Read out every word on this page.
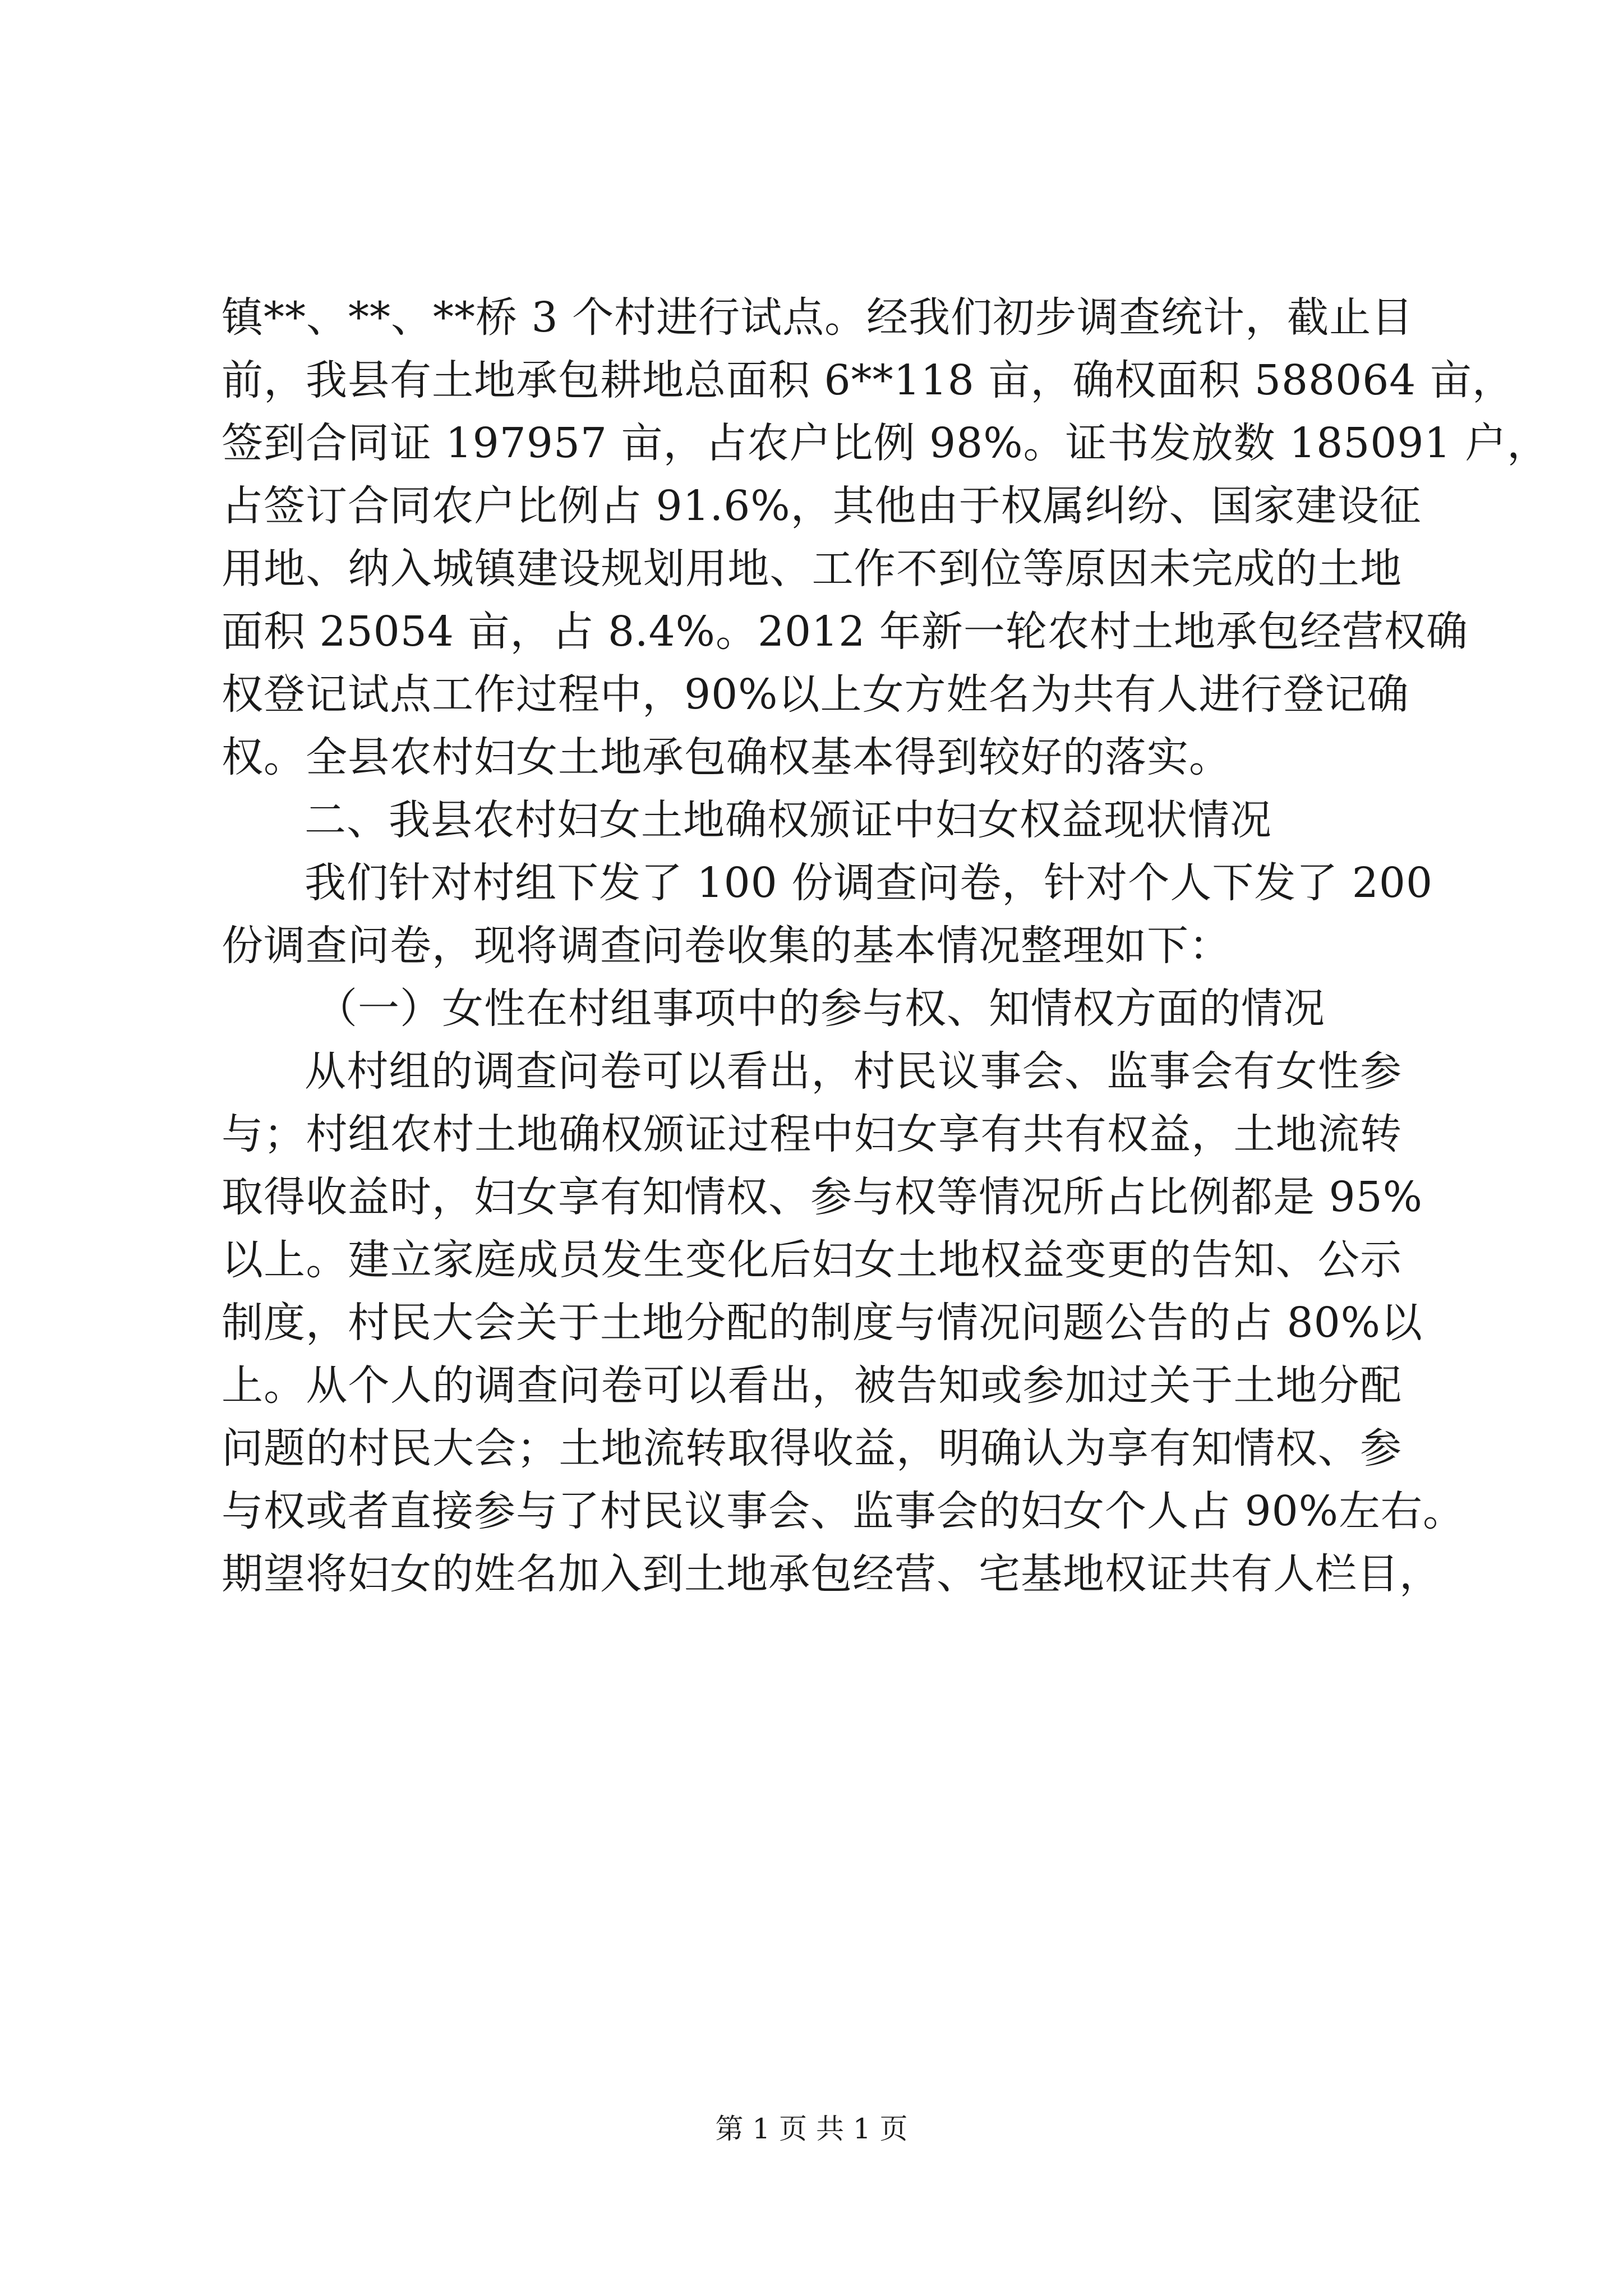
镇**、**、**桥 3 个村进行试点。经我们初步调查统计，截止目
前，我县有土地承包耕地总面积 6**118 亩，确权面积 588064 亩，
签到合同证 197957 亩，占农户比例 98%。证书发放数 185091 户，
占签订合同农户比例占 91.6%，其他由于权属纠纷、国家建设征
用地、纳入城镇建设规划用地、工作不到位等原因未完成的土地
面积 25054 亩，占 8.4%。2012 年新一轮农村土地承包经营权确
权登记试点工作过程中，90%以上女方姓名为共有人进行登记确
权。全县农村妇女土地承包确权基本得到较好的落实。
二、我县农村妇女土地确权颁证中妇女权益现状情况
我们针对村组下发了 100 份调查问卷，针对个人下发了 200
份调查问卷，现将调查问卷收集的基本情况整理如下：
（一）女性在村组事项中的参与权、知情权方面的情况
从村组的调查问卷可以看出，村民议事会、监事会有女性参
与；村组农村土地确权颁证过程中妇女享有共有权益，土地流转
取得收益时，妇女享有知情权、参与权等情况所占比例都是 95%
以上。建立家庭成员发生变化后妇女土地权益变更的告知、公示
制度，村民大会关于土地分配的制度与情况问题公告的占 80%以
上。从个人的调查问卷可以看出，被告知或参加过关于土地分配
问题的村民大会；土地流转取得收益，明确认为享有知情权、参
与权或者直接参与了村民议事会、监事会的妇女个人占 90%左右。
期望将妇女的姓名加入到土地承包经营、宅基地权证共有人栏目，
第 1 页 共 1 页
